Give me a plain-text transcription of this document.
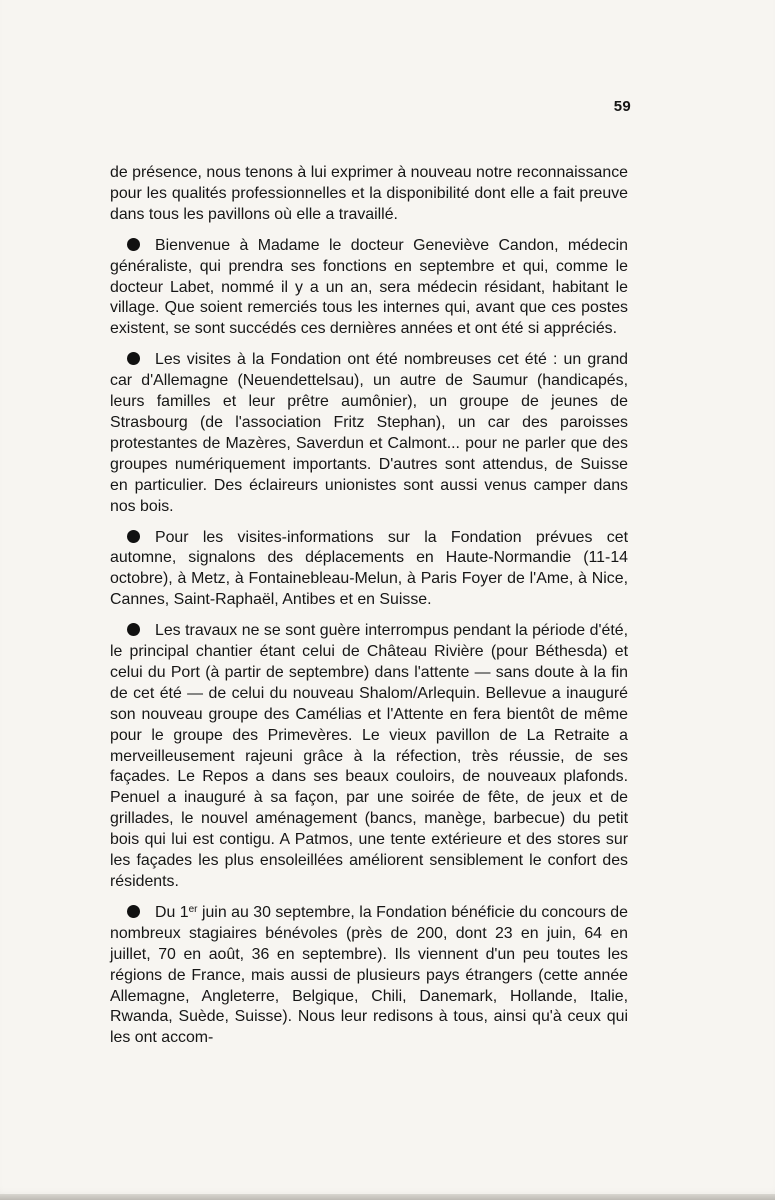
59

de présence, nous tenons à lui exprimer à nouveau notre reconnaissance pour les qualités professionnelles et la disponibilité dont elle a fait preuve dans tous les pavillons où elle a travaillé.

Bienvenue à Madame le docteur Geneviève Candon, médecin généraliste, qui prendra ses fonctions en septembre et qui, comme le docteur Labet, nommé il y a un an, sera médecin résidant, habitant le village. Que soient remerciés tous les internes qui, avant que ces postes existent, se sont succédés ces dernières années et ont été si appréciés.

Les visites à la Fondation ont été nombreuses cet été : un grand car d'Allemagne (Neuendettelsau), un autre de Saumur (handicapés, leurs familles et leur prêtre aumônier), un groupe de jeunes de Strasbourg (de l'association Fritz Stephan), un car des paroisses protestantes de Mazères, Saverdun et Calmont... pour ne parler que des groupes numériquement importants. D'autres sont attendus, de Suisse en particulier. Des éclaireurs unionistes sont aussi venus camper dans nos bois.

Pour les visites-informations sur la Fondation prévues cet automne, signalons des déplacements en Haute-Normandie (11-14 octobre), à Metz, à Fontainebleau-Melun, à Paris Foyer de l'Ame, à Nice, Cannes, Saint-Raphaël, Antibes et en Suisse.

Les travaux ne se sont guère interrompus pendant la période d'été, le principal chantier étant celui de Château Rivière (pour Béthesda) et celui du Port (à partir de septembre) dans l'attente — sans doute à la fin de cet été — de celui du nouveau Shalom/Arlequin. Bellevue a inauguré son nouveau groupe des Camélias et l'Attente en fera bientôt de même pour le groupe des Primevères. Le vieux pavillon de La Retraite a merveilleusement rajeuni grâce à la réfection, très réussie, de ses façades. Le Repos a dans ses beaux couloirs, de nouveaux plafonds. Penuel a inauguré à sa façon, par une soirée de fête, de jeux et de grillades, le nouvel aménagement (bancs, manège, barbecue) du petit bois qui lui est contigu. A Patmos, une tente extérieure et des stores sur les façades les plus ensoleillées améliorent sensiblement le confort des résidents.

Du 1er juin au 30 septembre, la Fondation bénéficie du concours de nombreux stagiaires bénévoles (près de 200, dont 23 en juin, 64 en juillet, 70 en août, 36 en septembre). Ils viennent d'un peu toutes les régions de France, mais aussi de plusieurs pays étrangers (cette année Allemagne, Angleterre, Belgique, Chili, Danemark, Hollande, Italie, Rwanda, Suède, Suisse). Nous leur redisons à tous, ainsi qu'à ceux qui les ont accom-
